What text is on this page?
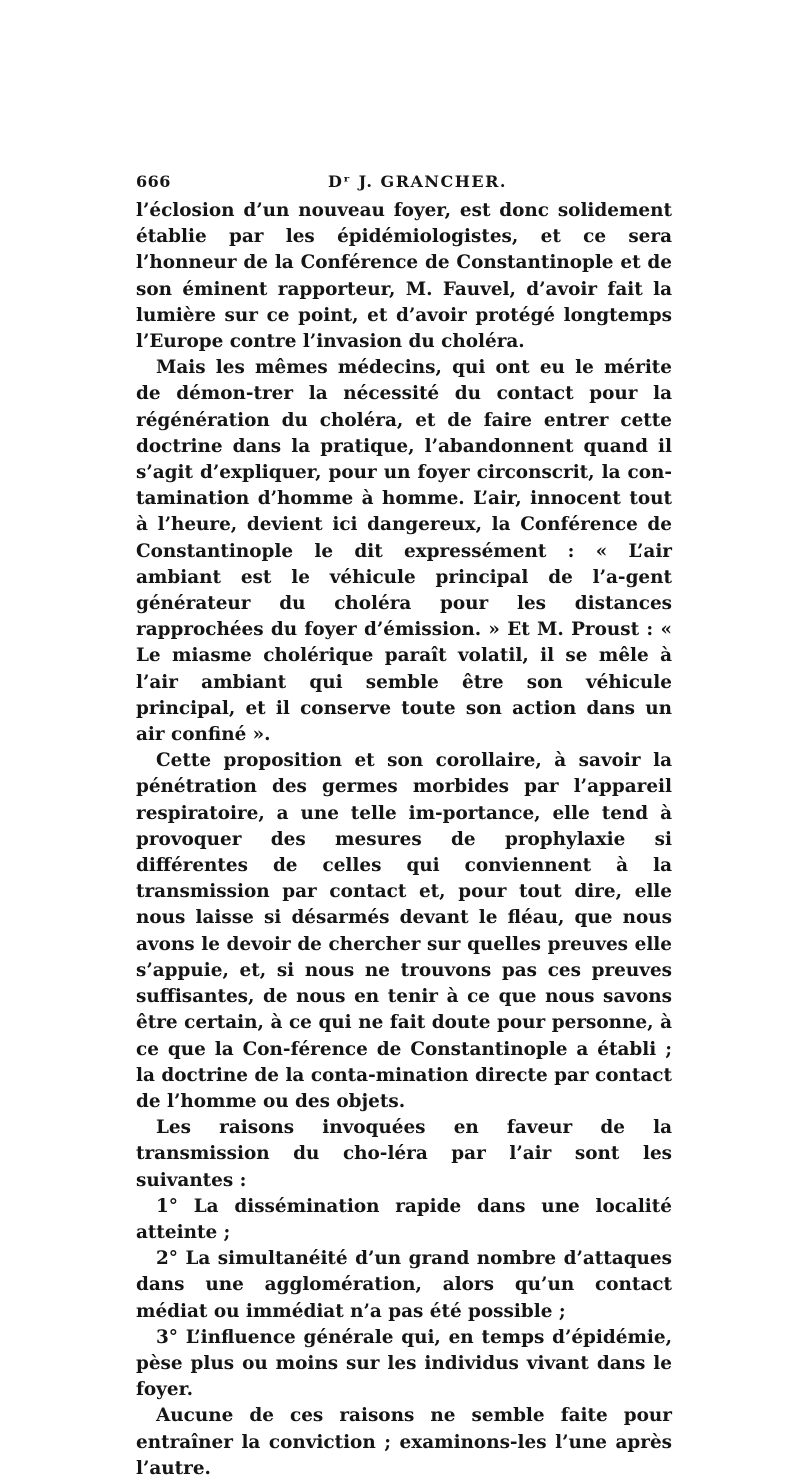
666	Dʳ J. GRANCHER.

l’éclosion d’un nouveau foyer, est donc solidement établie par les épidémiologistes, et ce sera l’honneur de la Conférence de Constantinople et de son éminent rapporteur, M. Fauvel, d’avoir fait la lumière sur ce point, et d’avoir protégé longtemps l’Europe contre l’invasion du choléra.

Mais les mêmes médecins, qui ont eu le mérite de démon-trer la nécessité du contact pour la régénération du choléra, et de faire entrer cette doctrine dans la pratique, l’abandonnent quand il s’agit d’expliquer, pour un foyer circonscrit, la con-tamination d’homme à homme. L’air, innocent tout à l’heure, devient ici dangereux, la Conférence de Constantinople le dit expressément : « L’air ambiant est le véhicule principal de l’a-gent générateur du choléra pour les distances rapprochées du foyer d’émission. » Et M. Proust : « Le miasme cholérique paraît volatil, il se mêle à l’air ambiant qui semble être son véhicule principal, et il conserve toute son action dans un air confiné ».

Cette proposition et son corollaire, à savoir la pénétration des germes morbides par l’appareil respiratoire, a une telle im-portance, elle tend à provoquer des mesures de prophylaxie si différentes de celles qui conviennent à la transmission par contact et, pour tout dire, elle nous laisse si désarmés devant le fléau, que nous avons le devoir de chercher sur quelles preuves elle s’appuie, et, si nous ne trouvons pas ces preuves suffisantes, de nous en tenir à ce que nous savons être certain, à ce qui ne fait doute pour personne, à ce que la Con-férence de Constantinople a établi ; la doctrine de la conta-mination directe par contact de l’homme ou des objets.

Les raisons invoquées en faveur de la transmission du cho-léra par l’air sont les suivantes :

1° La dissémination rapide dans une localité atteinte ;

2° La simultanéité d’un grand nombre d’attaques dans une agglomération, alors qu’un contact médiat ou immédiat n’a pas été possible ;

3° L’influence générale qui, en temps d’épidémie, pèse plus ou moins sur les individus vivant dans le foyer.

Aucune de ces raisons ne semble faite pour entraîner la conviction ; examinons-les l’une après l’autre.
